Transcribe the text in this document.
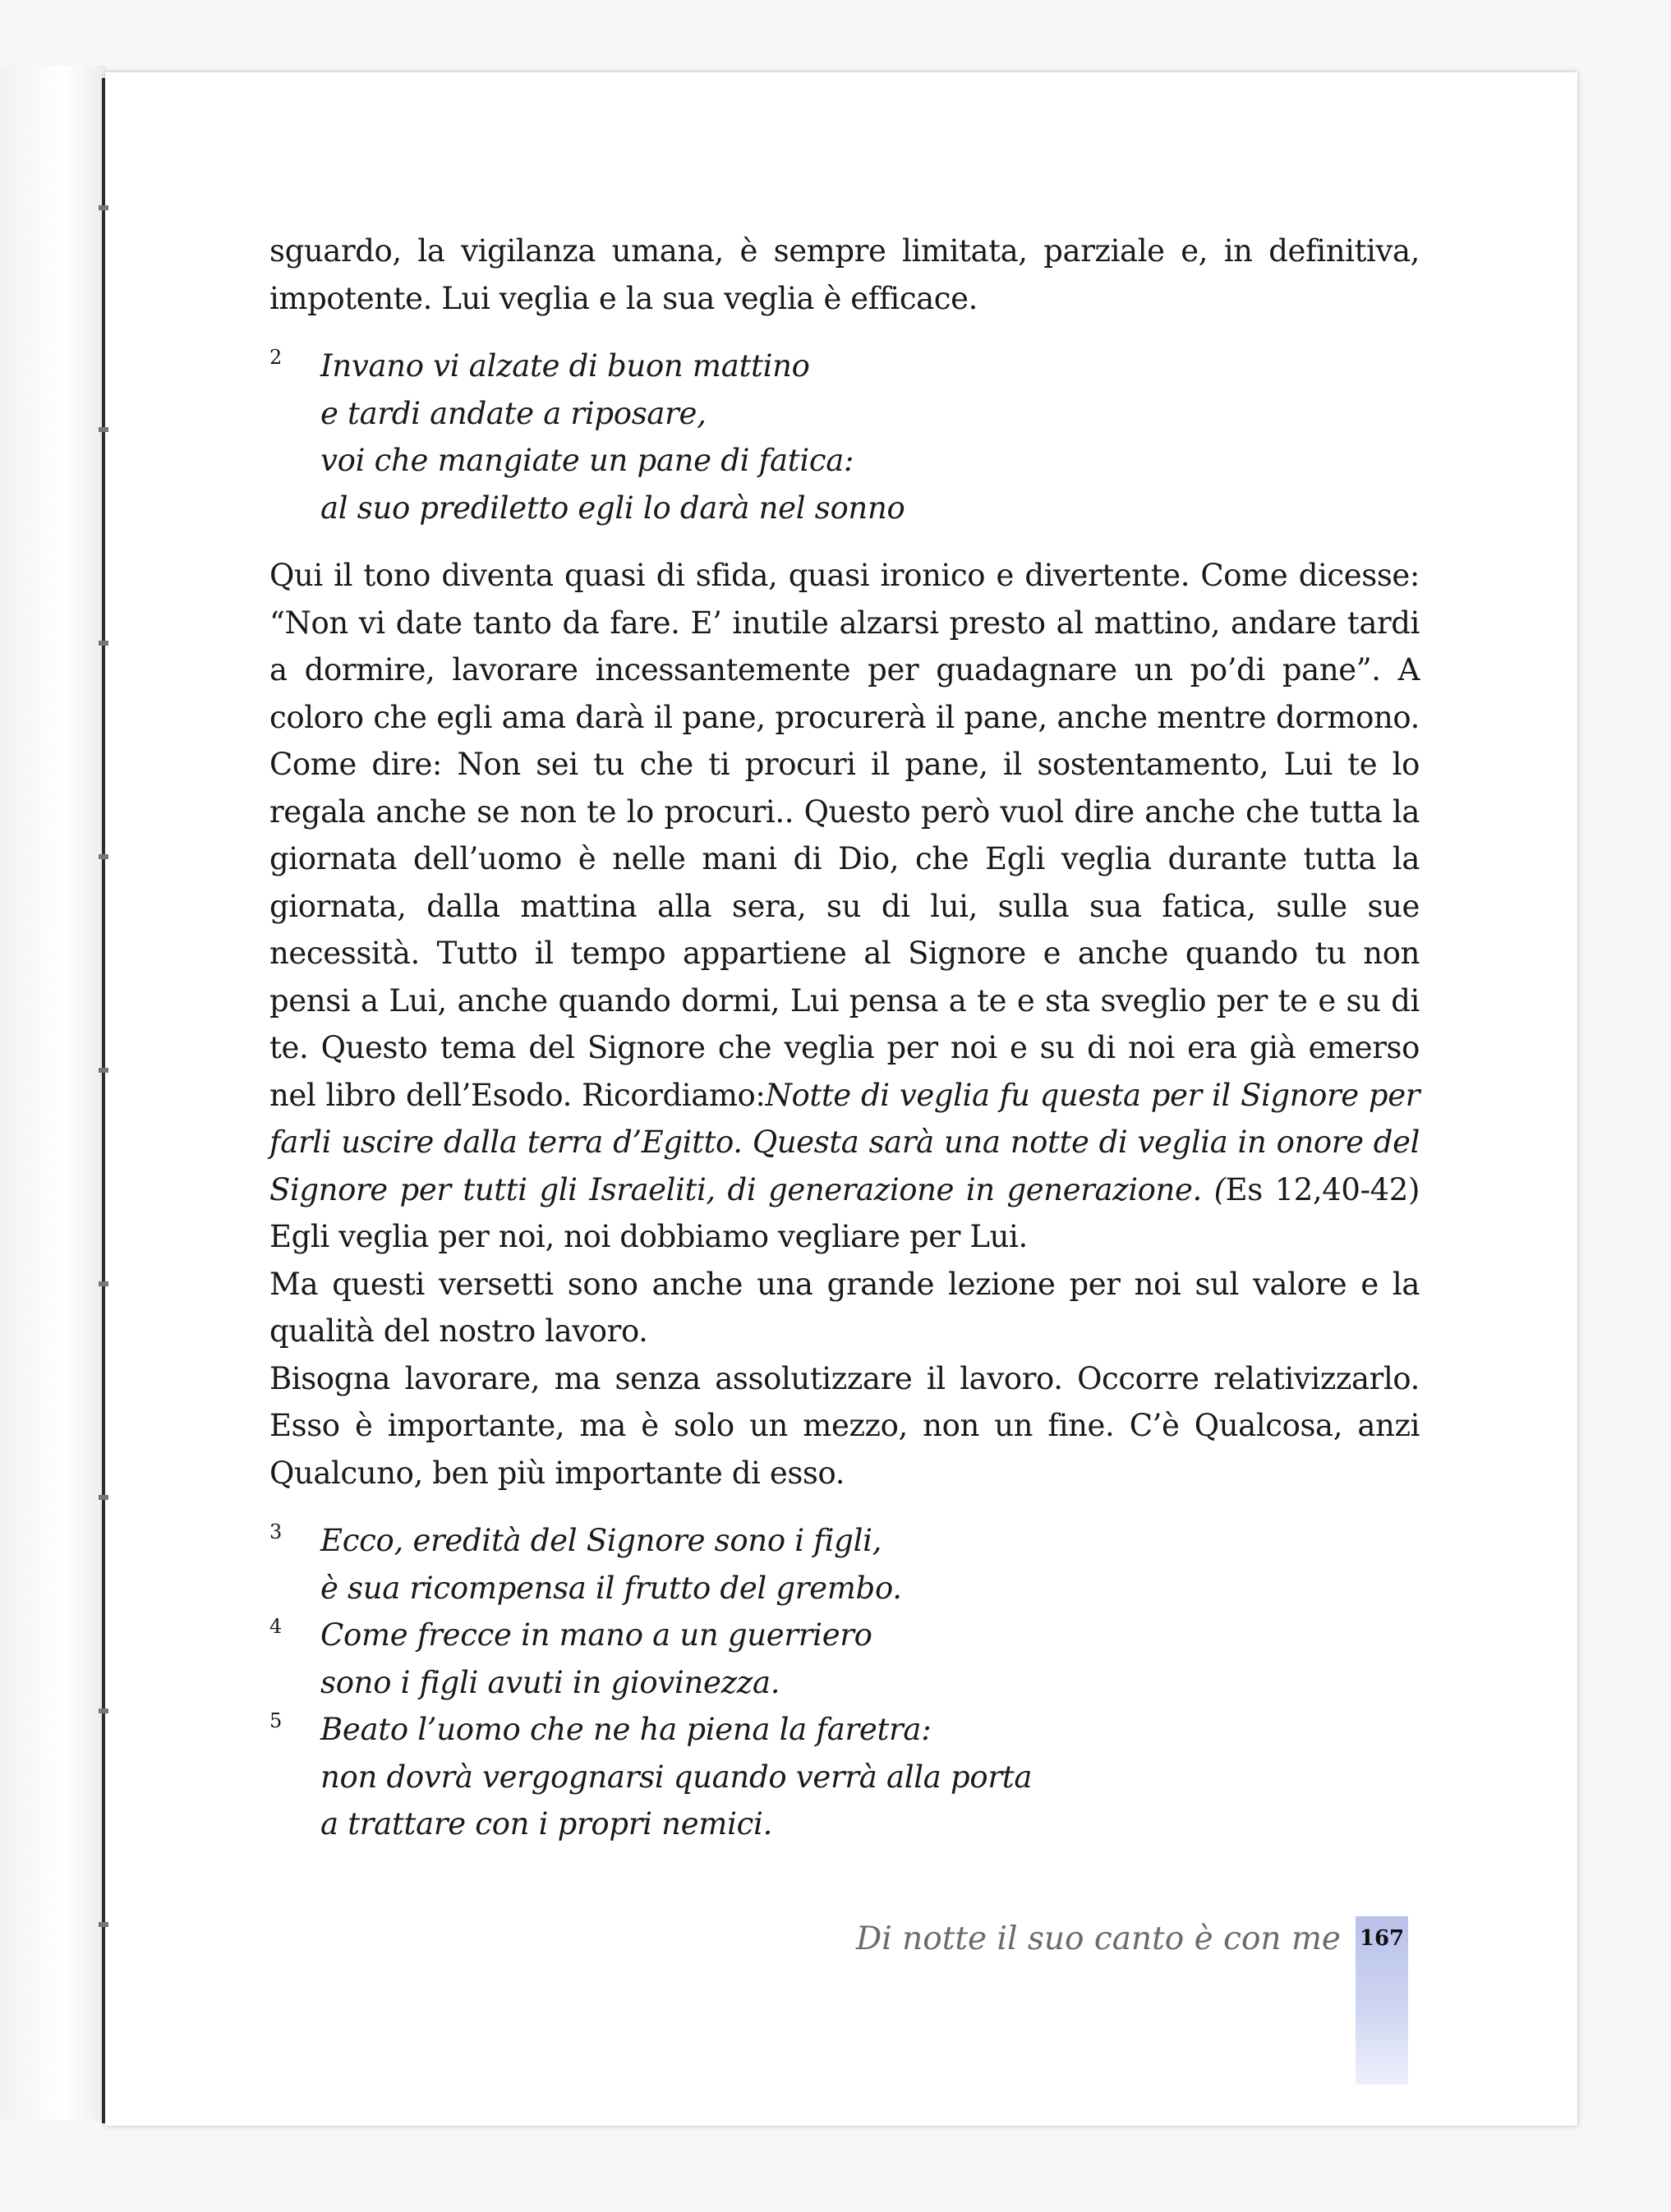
sguardo, la vigilanza umana, è sempre limitata, parziale e, in definitiva, impotente. Lui veglia e la sua veglia è efficace.

2 Invano vi alzate di buon mattino

e tardi andate a riposare,

voi che mangiate un pane di fatica:

al suo prediletto egli lo darà nel sonno

Qui il tono diventa quasi di sfida, quasi ironico e divertente. Come dicesse: “Non vi date tanto da fare. E’ inutile alzarsi presto al mattino, andare tardi a dormire, lavorare incessantemente per guadagnare un po’di pane”. A coloro che egli ama darà il pane, procurerà il pane, anche mentre dormono. Come dire: Non sei tu che ti procuri il pane, il sostentamento, Lui te lo regala anche se non te lo procuri.. Questo però vuol dire anche che tutta la giornata dell’uomo è nelle mani di Dio, che Egli veglia durante tutta la giornata, dalla mattina alla sera, su di lui, sulla sua fatica, sulle sue necessità. Tutto il tempo appartiene al Signore e anche quando tu non pensi a Lui, anche quando dormi, Lui pensa a te e sta sveglio per te e su di te. Questo tema del Signore che veglia per noi e su di noi era già emerso nel libro dell’Esodo. Ricordiamo:Notte di veglia fu questa per il Signore per farli uscire dalla terra d’Egitto. Questa sarà una notte di veglia in onore del Signore per tutti gli Israeliti, di generazione in generazione. (Es 12,40-42) Egli veglia per noi, noi dobbiamo vegliare per Lui.

Ma questi versetti sono anche una grande lezione per noi sul valore e la qualità del nostro lavoro.

Bisogna lavorare, ma senza assolutizzare il lavoro. Occorre relativizzarlo. Esso è importante, ma è solo un mezzo, non un fine. C’è Qualcosa, anzi Qualcuno, ben più importante di esso.

3 Ecco, eredità del Signore sono i figli,

è sua ricompensa il frutto del grembo.

4 Come frecce in mano a un guerriero

sono i figli avuti in giovinezza.

5 Beato l’uomo che ne ha piena la faretra:

non dovrà vergognarsi quando verrà alla porta

a trattare con i propri nemici.

Di notte il suo canto è con me 167
